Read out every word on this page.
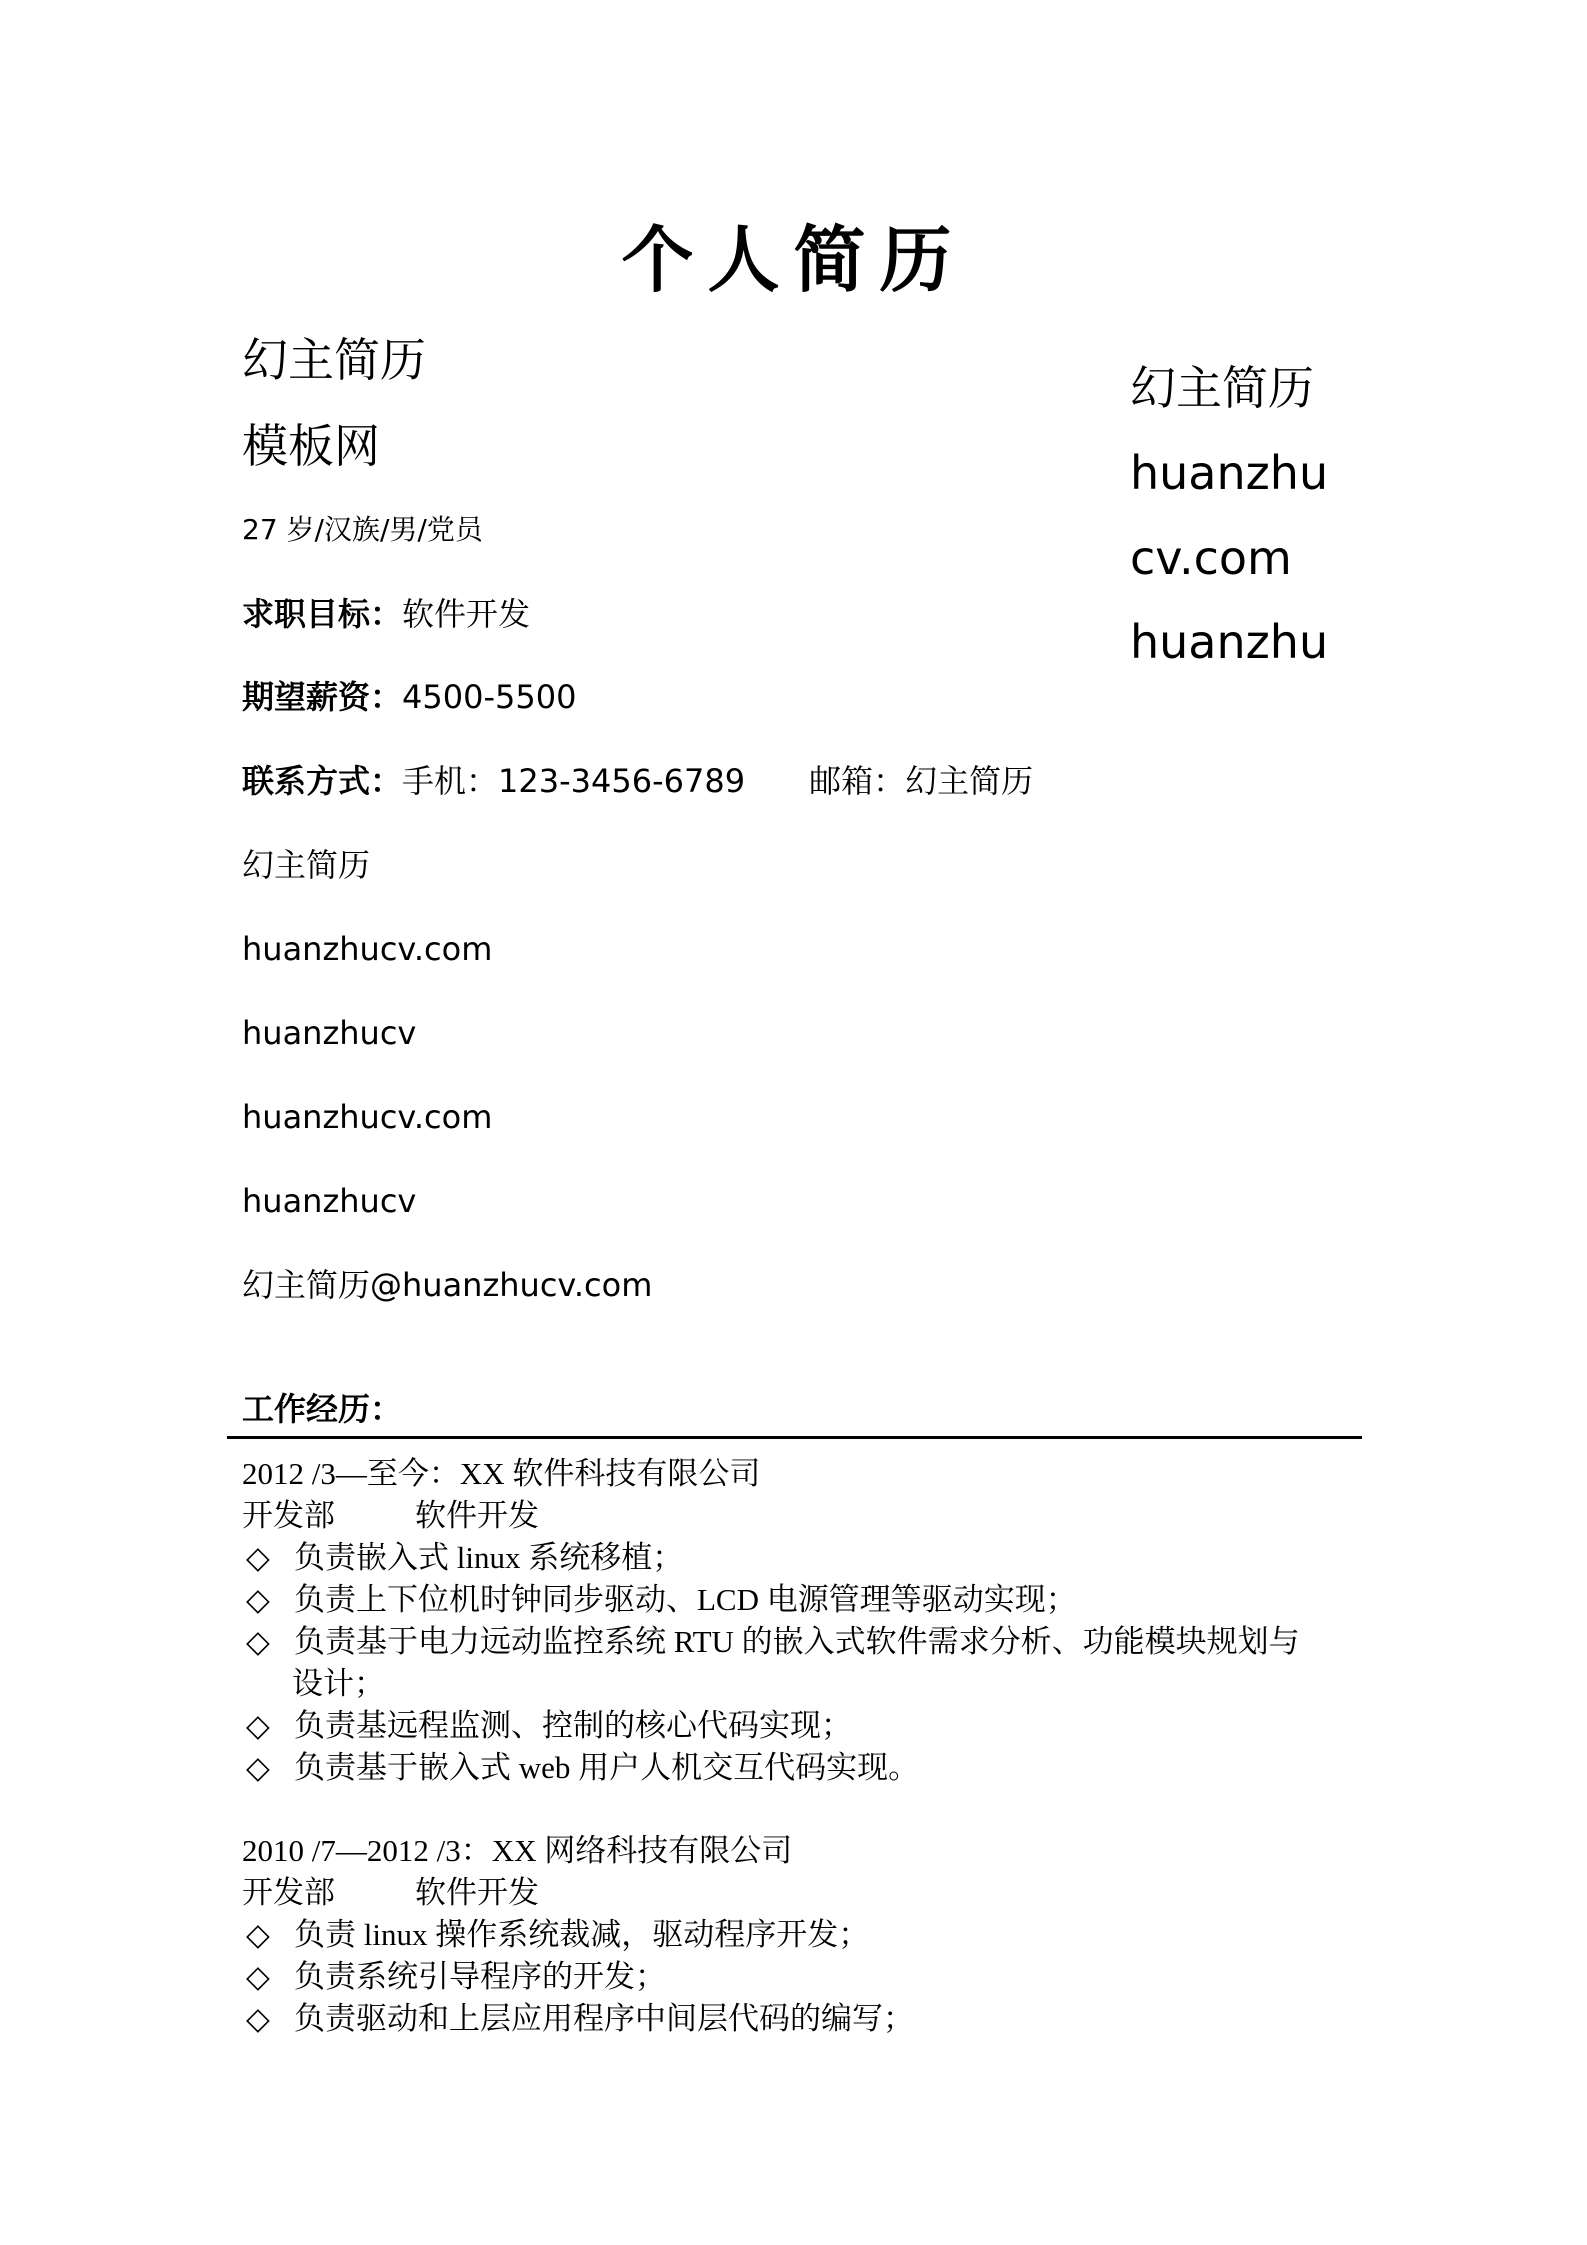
个人简历
幻主简历
模板网
幻主简历
huanzhu
cv.com
huanzhu
27 岁/汉族/男/党员
求职目标：软件开发
期望薪资：4500-5500
联系方式：手机：123-3456-6789 邮箱：幻主简历
幻主简历
huanzhucv.com
huanzhucv
huanzhucv.com
huanzhucv
幻主简历@huanzhucv.com
工作经历：
2012 /3—至今：XX 软件科技有限公司
开发部	软件开发
◇ 负责嵌入式 linux 系统移植；
◇ 负责上下位机时钟同步驱动、LCD 电源管理等驱动实现；
◇ 负责基于电力远动监控系统 RTU 的嵌入式软件需求分析、功能模块规划与
设计；
◇ 负责基远程监测、控制的核心代码实现；
◇ 负责基于嵌入式 web 用户人机交互代码实现。
2010 /7—2012 /3：XX 网络科技有限公司
开发部	软件开发
◇ 负责 linux 操作系统裁减，驱动程序开发；
◇ 负责系统引导程序的开发；
◇ 负责驱动和上层应用程序中间层代码的编写；
